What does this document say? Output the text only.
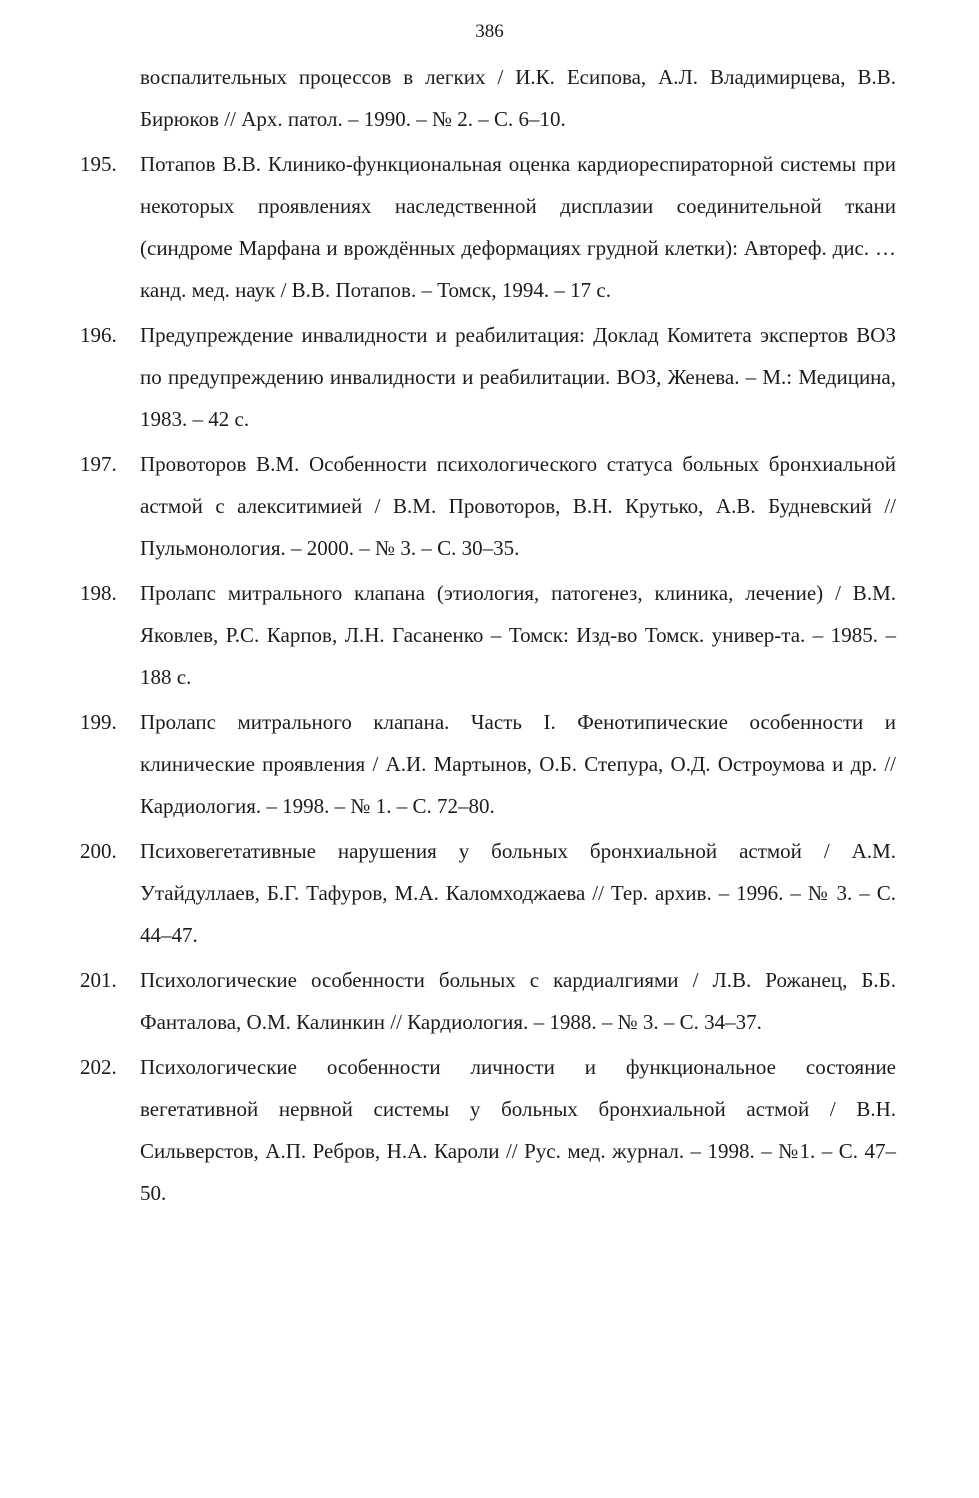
386
воспалительных процессов в легких / И.К. Есипова, А.Л. Владимирцева, В.В. Бирюков // Арх. патол. – 1990. – № 2. – С. 6–10.
195. Потапов В.В. Клинико-функциональная оценка кардиореспираторной системы при некоторых проявлениях наследственной дисплазии соединительной ткани (синдроме Марфана и врождённых деформациях грудной клетки): Автореф. дис. … канд. мед. наук / В.В. Потапов. – Томск, 1994. – 17 с.
196. Предупреждение инвалидности и реабилитация: Доклад Комитета экспертов ВОЗ по предупреждению инвалидности и реабилитации. ВОЗ, Женева. – М.: Медицина, 1983. – 42 с.
197. Провоторов В.М. Особенности психологического статуса больных бронхиальной астмой с алекситимией / В.М. Провоторов, В.Н. Крутько, А.В. Будневский // Пульмонология. – 2000. – № 3. – С. 30–35.
198. Пролапс митрального клапана (этиология, патогенез, клиника, лечение) / В.М. Яковлев, Р.С. Карпов, Л.Н. Гасаненко – Томск: Изд-во Томск. универ-та. – 1985. – 188 с.
199. Пролапс митрального клапана. Часть I. Фенотипические особенности и клинические проявления / А.И. Мартынов, О.Б. Степура, О.Д. Остроумова и др. // Кардиология. – 1998. – № 1. – С. 72–80.
200. Психовегетативные нарушения у больных бронхиальной астмой / А.М. Утайдуллаев, Б.Г. Тафуров, М.А. Каломходжаева // Тер. архив. – 1996. – № 3. – С. 44–47.
201. Психологические особенности больных с кардиалгиями / Л.В. Рожанец, Б.Б. Фанталова, О.М. Калинкин // Кардиология. – 1988. – № 3. – С. 34–37.
202. Психологические особенности личности и функциональное состояние вегетативной нервной системы у больных бронхиальной астмой / В.Н. Сильверстов, А.П. Ребров, Н.А. Кароли // Рус. мед. журнал. – 1998. – №1. – С. 47–50.
